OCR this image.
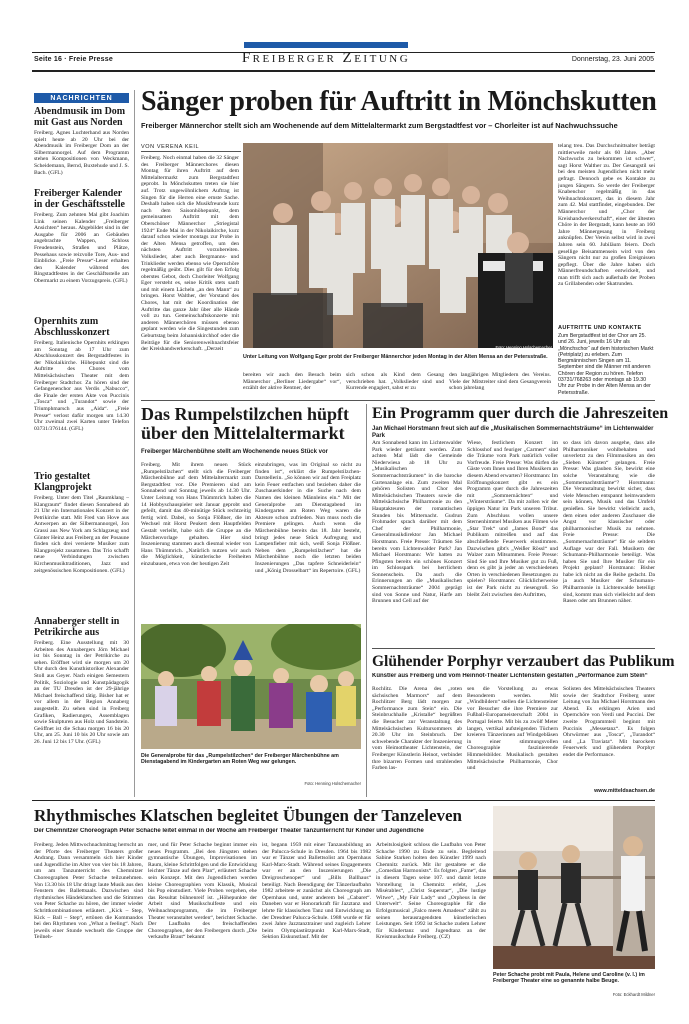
Seite 16 · Freie Presse	Freiberger Zeitung	Donnerstag, 23. Juni 2005
NACHRICHTEN
Abendmusik im Dom mit Gast aus Norden
Freiberg. Agnes Luchterhand aus Norden spielt heute ab 20 Uhr bei der Abendmusik im Freiberger Dom an der Silbermannorgel. Auf dem Programm stehen Kompositionen von Weckmann, Scheidemann, Bernd, Buxtehude und J. S. Bach. (GFL)
Freiberger Kalender in der Geschäftsstelle
Freiberg. Zum zehnten Mal gibt Joachim Link seinen Kalender „Freiberger Ansichten“ heraus. Abgebildet sind in der Ausgabe für 2006 an Gebäuden angebrachte Wappen, Schloss Freudenstein, Straßen und Plätze, Pessehaus sowie reizvolle Tore, Aus- und Einblicke. „Freie Presse“-Leser erhalten den Kalender während des Ringstadtfestes in der Geschäftsstelle am Obermarkt zu einem Vorzugspreis. (GFL)
Opernhits zum Abschlusskonzert
Freiberg. Italienische Opernhits erklingen am Sonntag ab 17 Uhr zum Abschlusskonzert des Bergstadtfestes in der Nikolaikirche. Höhepunkt sind die Auftritte des Chores vom Mittelsächsischen Theater mit dem Freiberger Stadtchor. Zu hören sind der Gefangenenchor aus Verdis „Nabucco“, die Finale der ersten Akte von Puccinis „Tosca“ und „Turandot“ sowie der Triumphmarsch aus „Aida“. „Freie Presse“ verlost dafür morgen um 14.30 Uhr zweimal zwei Karten unter Telefon 03731/376144. (GFL)
Trio gestaltet Klangprojekt
Freiberg. Unter dem Titel „Raumklang – Klangraum“ findet diesen Sonnabend ab 21 Uhr ein Internationales Konzert in der Petrikirche statt. Mit Fred van Hove aus Antwerpen an der Silbermannorgel, Jon Grassi aus New York am Schlagzeug und Günter Heinz aus Freiberg an der Posaune finden sich drei versierte Musiker zum Klangprojekt zusammen. Das Trio schafft neue Verbindungen zwischen Kirchenmusiktraditionen, Jazz und zeitgenössischen Kompositionen. (GFL)
Annaberger stellt in Petrikirche aus
Freiberg. Eine Ausstellung mit 30 Arbeiten des Annabergers Jörn Michael ist bis Sonntag in der Petrikirche zu sehen. Eröffnet wird sie morgen um 20 Uhr durch den Kunsthistoriker Alexander Stoll aus Geyer. Nach einigen Semestern Politik, Soziologie und Kunstpädagogik an der TU Dresden ist der 29-jährige Michael freischaffend tätig. Bisher hat er vor allem in der Region Annaberg ausgestellt. Zu sehen sind in Freiberg Grafiken, Radierungen, Assemblagen sowie Skulpturen aus Holz und Sandstein. Geöffnet ist die Schau morgen 16 bis 20 Uhr, am 25. Juni 10 bis 20 Uhr sowie am 26. Juni 12 bis 17 Uhr. (GFL)
Sänger proben für Auftritt in Mönchskutten
Freiberger Männerchor stellt sich am Wochenende auf dem Mittelaltermarkt zum Bergstadtfest vor – Chorleiter ist auf Nachwuchssuche
VON VERENA KEIL
Freiberg. Noch einmal haben die 32 Sänger des Freiberger Männerchores diesen Montag für ihren Auftritt auf dem Mittelaltermarkt zum Bergstadtfest geprobt. In Mönchskutten treten sie hier auf. Trotz ungewöhnlichem Auftrag ist Singen für die Herren eine ernste Sache. Deshalb haben sich die Musikfreunde kurz nach dem Saisonhöhepunkt, dem gemeinsamen Auftritt mit dem Oberschöner Männerchor „Striegistal 1924“ Ende Mai in der Nikolaikirche, kurz darauf schon wieder montags zur Probe in der Alten Mensa getroffen, um den nächsten Auftritt vorzubereiten. Volkslieder, aber auch Bergmanns- und Trinklieder werden ebenso wie Opernchöre regelmäßig geübt. Dies gilt für den Erfolg oberstes Gebot, doch Chorleiter Wolfgang Eger versteht es, seine Kritik stets sanft und mit einem Lächeln „an den Mann“ zu bringen. Horst Walther, der Vorstand des Chores, hat mit der Koordination der Auftritte das ganze Jahr über alle Hände voll zu tun. Gemeinschaftskonzerte mit anderen Männerchören müssen ebenso geplant werden wie die Singestunden zum Geburtstag beim Johanniskirchhof oder die Beiträge für die Seniorenweihnachtsfeier der Kreishandwerkerschaft. „Derzeit
Unter Leitung von Wolfgang Eger probt der Freiberger Männerchor jeden Montag in der Alten Mensa an der Petersstraße.
Foto: Henning Holschemacher
bereiten wir auch den Besuch beim Männerchor „Berliner Liedergabe“ vor“, erzählt der aktive Rentner, der
sich schon als Kind dem Gesang verschrieben hat. „Volkslieder sind und Kurrende engagiert, sahst er zu
den langjährigen Mitgliedern des Vereins. Viele der Mitstreiter sind dem Gesangverein schon jahrelang
telang treu. Das Durchschnittsalter beträgt mittlerweile mehr als 60 Jahre. „Aber Nachwuchs zu bekommen ist schwer“, sagt Horst Walther zu. Der Gesangstil sei bei den meisten Jugendlichen nicht mehr gefragt. Dennoch gebe es Kontakte zu jungen Sängern. So werde der Freiberger Knabenchor regelmäßig in das Weihnachtskonzert, das in diesem Jahr zum 42. Mal stattfindet, eingebunden. Der Männerchor und „Chor der Kreishandwerkerschaft“, einer der ältesten Chöre in der Bergstadt, kann heute an 160 Jahre Männergesang in Freiberg anknüpfen. Der Verein selbst wird in zwei Jahren sein 60. Jubiläum feiern. Doch gesellige Beisammensein wird von den Sängern nicht nur zu großen Ereignissen gepflegt. Über die Jahre haben sich Männerfreundschaften entwickelt, und man trifft sich auch außerhalb der Proben zu Grillabenden oder Skatrunden.
AUFTRITTE UND KONTAKTE
Zum Bergstadtfest ist der Chor am 25. und 26. Juni, jeweils 16 Uhr als „Mönchschor“ auf dem historischen Markt (Petriplatz) zu erleben. Zum Bergmännischen Singen am 11. September sind die Männer mit anderen Chören der Region zu hören. Telefon 03731/768263 oder montags ab 19.30 Uhr zur Probe in der Alten Mensa an der Petersstraße.
Das Rumpelstilzchen hüpft über den Mittelaltermarkt
Freiberger Märchenbühne stellt am Wochenende neues Stück vor
Freiberg. Mit ihrem neuen Stück „Rumpelstilzchen“ stellt sich die Freiberger Märchenbühne auf dem Mittelaltermarkt zum Bergstadtfest vor. Die Premieren sind am Sonnabend und Sonntag jeweils ab 14.30 Uhr. Unter Leitung von Hans Thümmrich haben die 14 Hobbyschauspieler seit Januar geprobt und gefeilt, damit das 40-minütige Stück rechtzeitig fertig wird. Dabei, so Sonja Flößner, die im Wechsel mit Horst Peukert dem Hauptfelden Gestalt verleiht, habe sich die Gruppe an die Märchenvorlage gehalten. Hier sind Inszenierung stammen auch diesmal wieder von Hans Thümmrich. „Natürlich nutzen wir auch die Möglichkeit, künstlerische Freiheiten einzubauen, etwa von der heutigen Zeit
einzubringen, was im Original so nicht zu finden ist“, erklärt die Rumpelstilzchen-Darstellerin. „So können wir auf dem Freiplatz kein Feuer entfachen und beziehen daher die Zuschauerkinder in die Suche nach dem Namen des kleinen Männleins ein.“ Mit der Generalprobe am Dienstagabend im Kindergarten am Roten Weg waren die Akteure schon zufrieden. Nun muss noch die Premiere gelingen. Auch wenn die Märchenbühne bereits das 18. Jahr besteht, bringt jedes neue Stück Aufregung und Lampenfieber mit sich, weiß Sonja Flößner. Neben dem „Rumpelstilzchen“ hat die Märchenbühne noch die letzten beiden Inszenierungen „Das tapfere Schneiderlein“ und „König Drosselbart“ im Repertoire. (GFL)
Die Generalprobe für das „Rumpelstilzchen“ der Freiberger Märchenbühne am Dienstagabend im Kindergarten am Roten Weg war gelungen.
Foto: Henning Holschemacher
Ein Programm quer durch die Jahreszeiten
Jan Michael Horstmann freut sich auf die „Musikalischen Sommernachtsträume“ im Lichtenwalder Park
Am Sonnabend kann im Lichtenwalder Park wieder geträumt werden. Zum achten Mal lädt die Gemeinde Niederwiesa ab 18 Uhr zu „Musikalischen Sommernachtsträumen“ in die barocke Gartenanlage ein. Zum zweiten Mal gehören Solisten und Chor des Mittelsächsischen Theaters sowie die Mittelsächsische Philharmonie zu den Hauptakteuren der romantischen Stunden bis Mitternacht. Gudrun Frohmader sprach darüber mit dem Chef der Philharmonie, Generalmusikdirektor Jan Michael Horstmann. Freie Presse: Träumen Sie bereits vom Lichtenwalder Park? Jan Michael Horstmann: Wir hatten zu Pfingsten bereits ein schönes Konzert im Schlosspark bei herrlichem Sonnenschein. Da auch die Erinnerungen an die „Musikalischen Sommernachtsträume“ 2004 geprägt sind von Sonne und Natur, Harfe am Brunnen und Cell auf der
Wiese, festlichem Konzert im Schlosshof und feuriger „Carmen“ sind die Träume vom Park natürlich voller Vorfreude. Freie Presse: Was dürfen die Gäste vom Ihnen und Ihren Musikern an diesem Abend erwarten? Horstmann: Im Eröffnungskonzert gibt es ein Programm quer durch die Jahreszeiten mit „Sommernächten“ und „Wintersträume“. Da mit zollen wir der üppigen Natur im Park unseren Tribut. Zum Abschluss wollen unsere Sternenhimmel Musiken aus Filmen wie „Star Trek“ und „James Bond“ das Publikum mitreißen und auf das abschließende Feuerwerk einstimmen. Dazwischen gibt's „Weißer Rössl“ und Walzer zum Mitsummen. Freie Presse: Sind Sie und Ihre Musiker gut zu Fuß, denn es gibt ja jeder an verschiedenen Orten in verschiedenen Besetzungen zu spielen? Horstmann: Glücklicherweise ist der Park nicht zu riesengroß. So bleibt Zeit zwischen den Auftritten,
so dass ich davon ausgehe, dass alle Philharmoniker wohlbehalten und unverletzt zu den Filmmusiken an den „Sieben Künsten“ gelangen. Freie Presse: Was glauben Sie, bewirkt eine solche Veranstaltung wie die „Sommernachtsträume“? Horstmann: Die Veranstaltung bewirkt sicher, dass viele Menschen entspannt heimwandern sein können, Musik und das Umfeld genießen. Sie bewirkt vielleicht auch, dem einen oder anderen Zuschauer die Angst vor klassischer oder philharmonischer Musik zu nehmen. Freie Presse: Die „Sommernachtsträume“ für sie seitdem Auflage war der Fall. Musikern der Schumann-Philharmonie beteiligt. Was haben Sie und Ihre Musiker für ein Projekt geplant? Horstmann: Bisher habe ich nicht an die Reihe gedacht. Da ja auch Musiker der Schumann-Philharmonie in Lichtenwalde beteiligt sind, kommt man sich vielleicht auf dem Rasen oder am Brunnen näher.
Glühender Porphyr verzaubert das Publikum
Künstler aus Freiberg und vom Heinnot-Theater Lichtenstein gestalten „Performance zum Stein“
Rochlitz. Die Arena des „roten sächsischen Marmors“ auf dem Rochlitzer Berg lädt morgen zur „Performance zum Stein“ ein. Die Steinbruchhalle „Kristalle“ begrüßten die Besucher zur Veranstaltung des Mittelsächsischen Kultursommers ab 20.30 Uhr im Steinbruch. Der schwebende Charakter der Inszenierung vom Heimottheater Lichtenstein, der Freiberger Künstlerin Heinot, verbindet thre bizarren Formen und strahlenden Farben las-
sen die Vorstellung zu etwas Besonderem werden. Mit „Windbildern“ stellen die Lichtensteiner vor Besucher die ihre Premiere zur Fußball-Europameisterschaft 2004 in Portugal feierte. Mit bis zu zwölf Meter langen, vertikal aufsteigenden Tüchern kreieren Tänzerinnen auf Windgebläsen in einer stimmungsvollen Choreographie faszinierende Himmelsbilder. Musikalisch gestalten Mittelsächsische Philharmonie, Chor und
Solisten des Mittelsächsischen Theaters sowie der Stadtchor Freiberg unter Leitung von Jan Michael Horstmann den Abend. Es erklingen Arien und Opernchöre von Verdi und Puccini. Der zweite Programmteil beginnt mit Puccinis „Messetanz“. Es folgen Ohrwürmer aus „Tosca“, „Turandot“ und „La Traviata“. Mit barockem Feuerwerk und glühendem Porphyr endet die Performance.
www.mitteldsachsen.de
Rhythmisches Klatschen begleitet Übungen der Tanzeleven
Der Chemnitzer Choreograph Peter Schache leitet einmal in der Woche am Freiberger Theater Tanzunterricht für Kinder und Jugendliche
Freiberg. Jeden Mittwochnachmittag herrscht an der Pforte des Freiberger Theaters großer Andrang. Dann versammeln sich hier Kinder und Jugendliche im Alter von vier bis 18 Jahren, um am Tanzunterricht des Chemnitzer Choreographen Peter Schache teilzunehmen. Von 13.30 bis 18 Uhr dringt laute Musik aus den Fenstern des Ballettsaals. Dazwischen sind rhythmisches Händeklatschen und die Stimmen von Peter Schache zu hören, der immer wieder Schrittkombinationen erläutert. „Kick – Step, Kick – Ball – Step“, ertönen die Kommandos bei den Rhythmen von „What a feeling“. Nach jeweils einer Stunde wechselt die Gruppe der Teilneh-
mer, und für Peter Schache beginnt immer ein neues Programm. „Bei den Jüngsten stehen gymnastische Übungen, Improvisationen im Raum, kleine Schrittfolgen und die Entwicklung leichter Tänze auf dem Plan“, erläutert Schache sein Konzept. Mit den Jugendlichen werden kleine Choreographien vom Klassik, Musical bis Pop einstudiert. Viele Proben vergehen, ehe das Resultat bühnenreif ist. „Höhepunkte der Arbeit sind Musikschulfeste und ein Weihnachtsprogramm, die im Freiberger Theater veranstaltet werden“, berichtet Schache. Der Laufbahn des freischaffenden Choreographen, der den Freibergern durch „Die verkaufte Braut“ bekannt
ist, begann 1959 mit einer Tanzausbildung an der Palucca-Schule in Dresden. 1964 bis 1982 war er Tänzer und Ballettsolist am Opernhaus Karl-Marx-Stadt. Während seines Engagements war er an den Inszenierungen „Die Dreigroschenoper“ und „Bills Ballhaus“ beteiligt. Nach Beendigung der Tänzerlaufbahn 1982 arbeitete er zunächst als Choreograph am Opernhaus und, unter anderem bei „Cabaret“. Daneben war er Honorarkraft für Jazztanz und lehrte für klassischen Tanz und Entwicklung an der Dresdner Palucca-Schule. 1988 wurde er für zwei Jahre Jazztanztrainer und zugleich Lehrer beim Olympiastützpunkt Karl-Marx-Stadt, Sektion Eiskunstlauf. Mit der
Arbeitslosigkeit schloss die Laufbahn von Peter Schache 1990 zu Ende zu sein. Begleitend Sabine Starken holten den Künstler 1999 nach Chemnitz zurück. Mit ihr gestaltete er die „Comedian Harmonists“. Es folgten „Fame“, das in diesem Tagen seine 107. und damit letzte Vorstellung in Chemnitz erlebt, „Les Misérables“, „Christ Superstar“, „Die lustige Witwe“, „My Fair Lady“ und „Orpheus in der Unterwelt“. Seine Choreographie für die Erfolgsmusical „Falco meets Amadeus“ zählt zu seinen herausragendsten künstlerischen Leistungen. Seit 1992 ist Schache zudem Lehrer für Kindertanz und Jugendtanz an der Kreismusikschule Freiberg. (CZ)
Peter Schache probt mit Paula, Helene und Caroline (v. l.) im Freiberger Theater eine so genannte halbe Beuge.
Foto: Eckhardt Mildner
